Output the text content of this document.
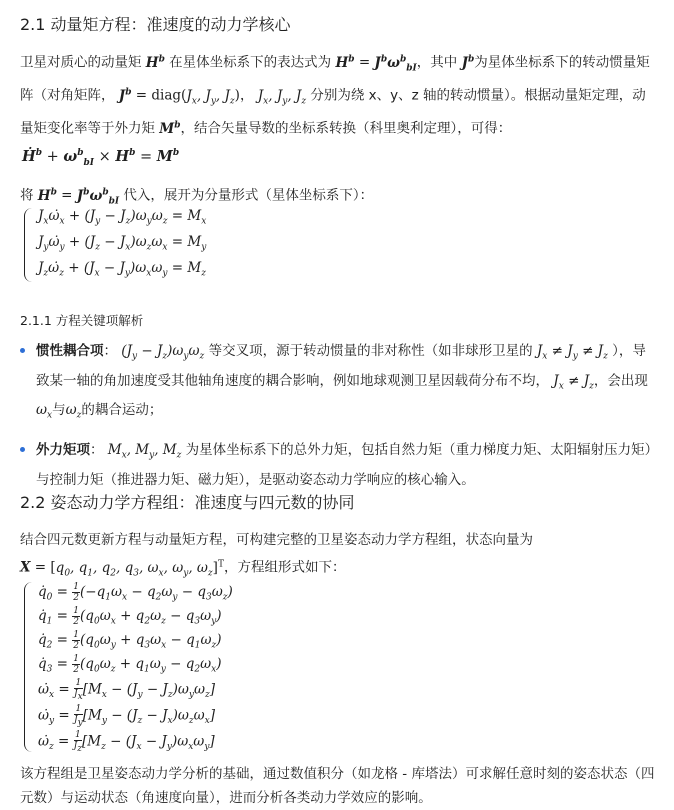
2.1 动量矩方程：准速度的动力学核心

卫星对质心的动量矩 $H^b$ 在星体坐标系下的表达式为 $H^b = J^b\omega^b_{bI}$，其中 $J^b$为星体坐标系下的转动惯量矩阵（对角矩阵， $J^b$ = $diag(J_x$, $J_y$, $J_z$)， $J_x$, $J_y$, $J_z$ 分别为绕 x、y、z 轴的转动惯量）。根据动量矩定理，动量矩变化率等于外力矩 $M^b$，结合矢量导数的坐标系转换（科里奥利定理），可得：

Ḣ$^b$ + $\omega^b_{bI} \times H^b = M^b$

将 $H^b = J^b\omega^b_{bI}$ 代入，展开为分量形式（星体坐标系下）：

$J_x\omegȧ_x + (J_y - J_z)\omega_y\omega_z = M_x$
$J_y\omegȧ_y + (J_z - J_x)\omega_z\omega_x = M_y$
$J_z\omegȧ_z + (J_x - J_y)\omega_x\omega_y = M_z$
2.1.1 方程关键项解析
惯性耦合项： $(J_y - J_z)\omega_y\omega_z$ 等交叉项，源于转动惯量的非对称性（如非球形卫星的 $J_x \ne J_y \ne J_z$ ），导致某一轴的角加速度受其他轴角速度的耦合影响，例如地球观测卫星因载荷分布不均， $J_x \ne J_z$，会出现 $\omega_x$与$\omega_z$的耦合运动；
外力矩项： $M_x$, $M_y$, $M_z$ 为星体坐标系下的总外力矩，包括自然力矩（重力梯度力矩、太阳辐射压力矩）与控制力矩（推进器力矩、磁力矩），是驱动姿态动力学响应的核心输入。
2.2 姿态动力学方程组：准速度与四元数的协同

结合四元数更新方程与动量矩方程，可构建完整的卫星姿态动力学方程组，状态向量为
$X = [q_0$, $q_1$, $q_2$, $q_3$, $\omega_x$, $\omega_y$, $\omega_z]^T$，方程组形式如下：

$q̇_0 = \frac{1}{2} (-q_1\omega_x - q_2\omega_y - q_3\omega_z)$
$q̇_1 = \frac{1}{2} (q_0\omega_x + q_2\omega_z - q_3\omega_y)$
$q̇_2 = \frac{1}{2} (q_0\omega_y + q_3\omega_x - q_1\omega_z)$
$q̇_3 = \frac{1}{2} (q_0\omega_z + q_1\omega_y - q_2\omega_x)$
$\omegȧ_x = \frac{1}{J_x} [M_x - (J_y - J_z)\omega_y\omega_z]$
$\omegȧ_y = \frac{1}{J_y} [M_y - (J_z - J_x)\omega_z\omega_x]$
$\omegȧ_z = \frac{1}{J_z} [M_z - (J_x - J_y)\omega_x\omega_y]$

该方程组是卫星姿态动力学分析的基础，通过数值积分（如龙格 - 库塔法）可求解任意时刻的姿态状态（四元数）与运动状态（角速度向量），进而分析各类动力学效应的影响。
